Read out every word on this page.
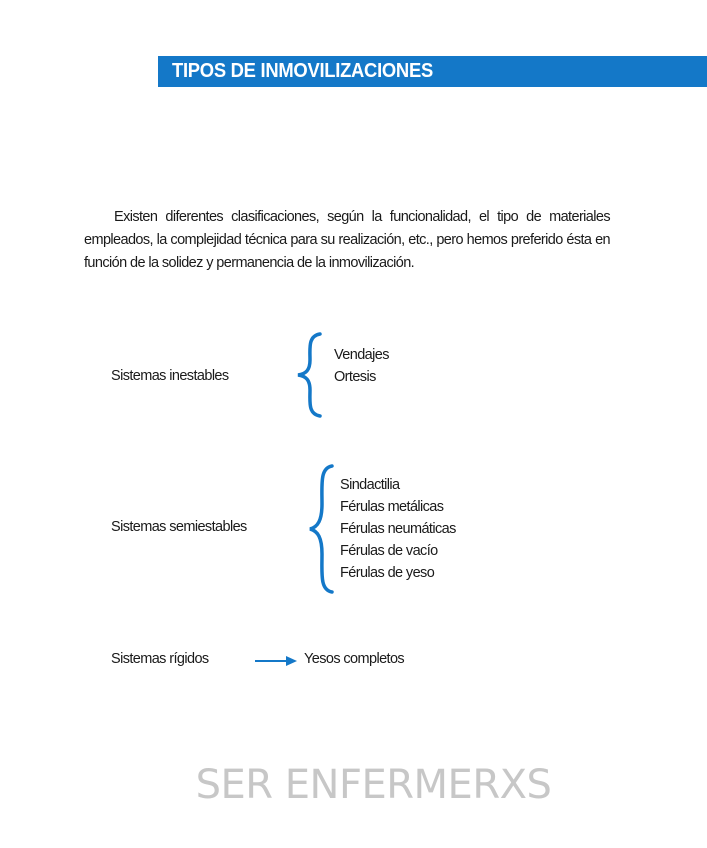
TIPOS DE INMOVILIZACIONES

Existen diferentes clasificaciones, según la funcionalidad, el tipo de materiales empleados, la complejidad técnica para su realización, etc., pero hemos preferido ésta en función de la solidez y permanencia de la inmovilización.

Sistemas inestables
Vendajes
Ortesis
Sistemas semiestables
Sindactilia
Férulas metálicas
Férulas neumáticas
Férulas de vacío
Férulas de yeso
Sistemas rígidos	Yesos completos
SER ENFERMERXS
